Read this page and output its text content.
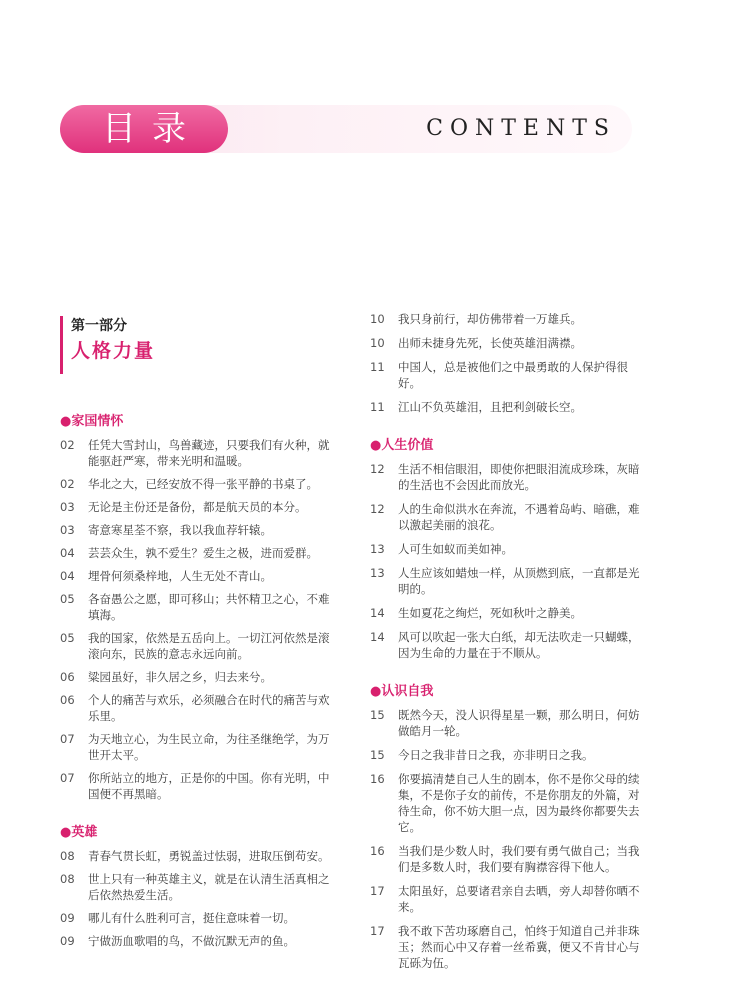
目录	CONTENTS
第一部分
人格力量
●家国情怀
02	任凭大雪封山，鸟兽藏迹，只要我们有火种，就能驱赶严寒，带来光明和温暖。
02	华北之大，已经安放不得一张平静的书桌了。
03	无论是主份还是备份，都是航天员的本分。
03	寄意寒星荃不察，我以我血荐轩辕。
04	芸芸众生，孰不爱生？爱生之极，进而爱群。
04	埋骨何须桑梓地，人生无处不青山。
05	各奋愚公之愿，即可移山；共怀精卫之心，不难填海。
05	我的国家，依然是五岳向上。一切江河依然是滚滚向东，民族的意志永远向前。
06	粱园虽好，非久居之乡，归去来兮。
06	个人的痛苦与欢乐，必须融合在时代的痛苦与欢乐里。
07	为天地立心，为生民立命，为往圣继绝学，为万世开太平。
07	你所站立的地方，正是你的中国。你有光明，中国便不再黑暗。
●英雄
08	青春气贯长虹，勇锐盖过怯弱，进取压倒苟安。
08	世上只有一种英雄主义，就是在认清生活真相之后依然热爱生活。
09	哪儿有什么胜利可言，挺住意味着一切。
09	宁做沥血歌唱的鸟，不做沉默无声的鱼。
10	我只身前行，却仿佛带着一万雄兵。
10	出师未捷身先死，长使英雄泪满襟。
11	中国人，总是被他们之中最勇敢的人保护得很好。
11	江山不负英雄泪，且把利剑破长空。
●人生价值
12	生活不相信眼泪，即使你把眼泪流成珍珠，灰暗的生活也不会因此而放光。
12	人的生命似洪水在奔流，不遇着岛屿、暗礁，难以激起美丽的浪花。
13	人可生如蚁而美如神。
13	人生应该如蜡烛一样，从顶燃到底，一直都是光明的。
14	生如夏花之绚烂，死如秋叶之静美。
14	风可以吹起一张大白纸，却无法吹走一只蝴蝶，因为生命的力量在于不顺从。
●认识自我
15	既然今天，没人识得星星一颗，那么明日，何妨做皓月一轮。
15	今日之我非昔日之我，亦非明日之我。
16	你要搞清楚自己人生的剧本，你不是你父母的续集，不是你子女的前传，不是你朋友的外篇，对待生命，你不妨大胆一点，因为最终你都要失去它。
16	当我们是少数人时，我们要有勇气做自己；当我们是多数人时，我们要有胸襟容得下他人。
17	太阳虽好，总要诸君亲自去晒，旁人却替你晒不来。
17	我不敢下苦功琢磨自己，怕终于知道自己并非珠玉；然而心中又存着一丝希冀，便又不肯甘心与瓦砾为伍。
